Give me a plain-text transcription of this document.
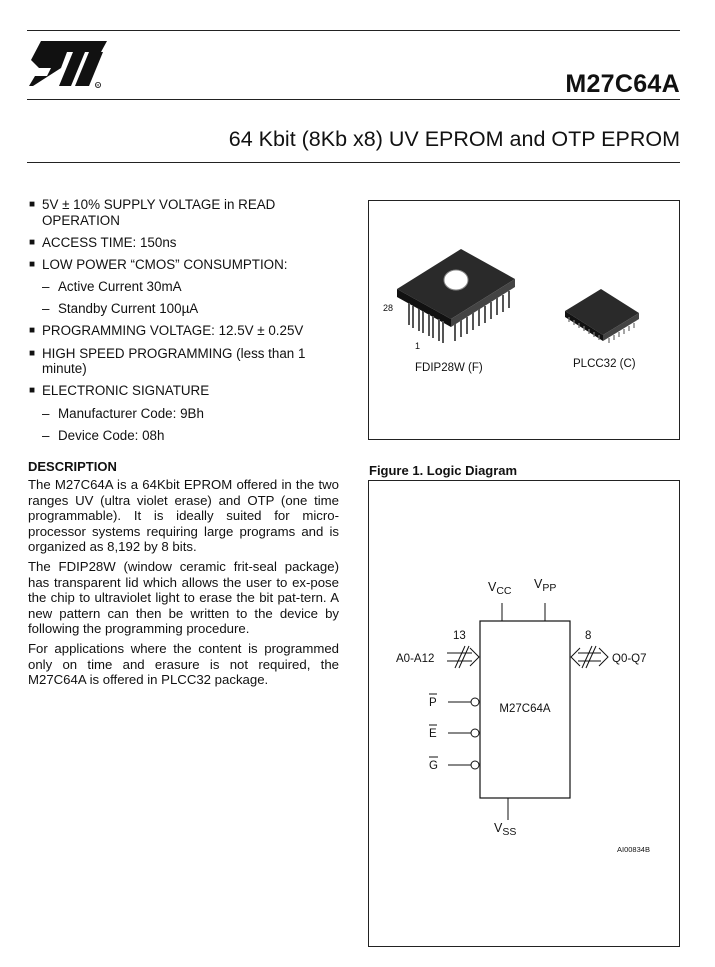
R	M27C64A
64 Kbit (8Kb x8) UV EPROM and OTP EPROM
■ 5V ± 10% SUPPLY VOLTAGE in READ OPERATION
■ ACCESS TIME: 150ns
■ LOW POWER “CMOS” CONSUMPTION:
– Active Current 30mA
– Standby Current 100µA
■ PROGRAMMING VOLTAGE: 12.5V ± 0.25V
■ HIGH SPEED PROGRAMMING (less than 1 minute)
■ ELECTRONIC SIGNATURE
– Manufacturer Code: 9Bh
– Device Code: 08h
DESCRIPTION

The M27C64A is a 64Kbit EPROM offered in the two ranges UV (ultra violet erase) and OTP (one time programmable). It is ideally suited for micro-processor systems requiring large programs and is organized as 8,192 by 8 bits.

The FDIP28W (window ceramic frit-seal package) has transparent lid which allows the user to ex-pose the chip to ultraviolet light to erase the bit pat-tern. A new pattern can then be written to the device by following the programming procedure.

For applications where the content is programmed only on time and erasure is not required, the M27C64A is offered in PLCC32 package.

28
1
FDIP28W (F)	PLCC32 (C)
Figure 1. Logic Diagram
M27C64A
$V_{CC}$ $V_{PP}$
$V_{SS}$
13
A0-A12
8
Q0-Q7
P
E
G
AI00834B
